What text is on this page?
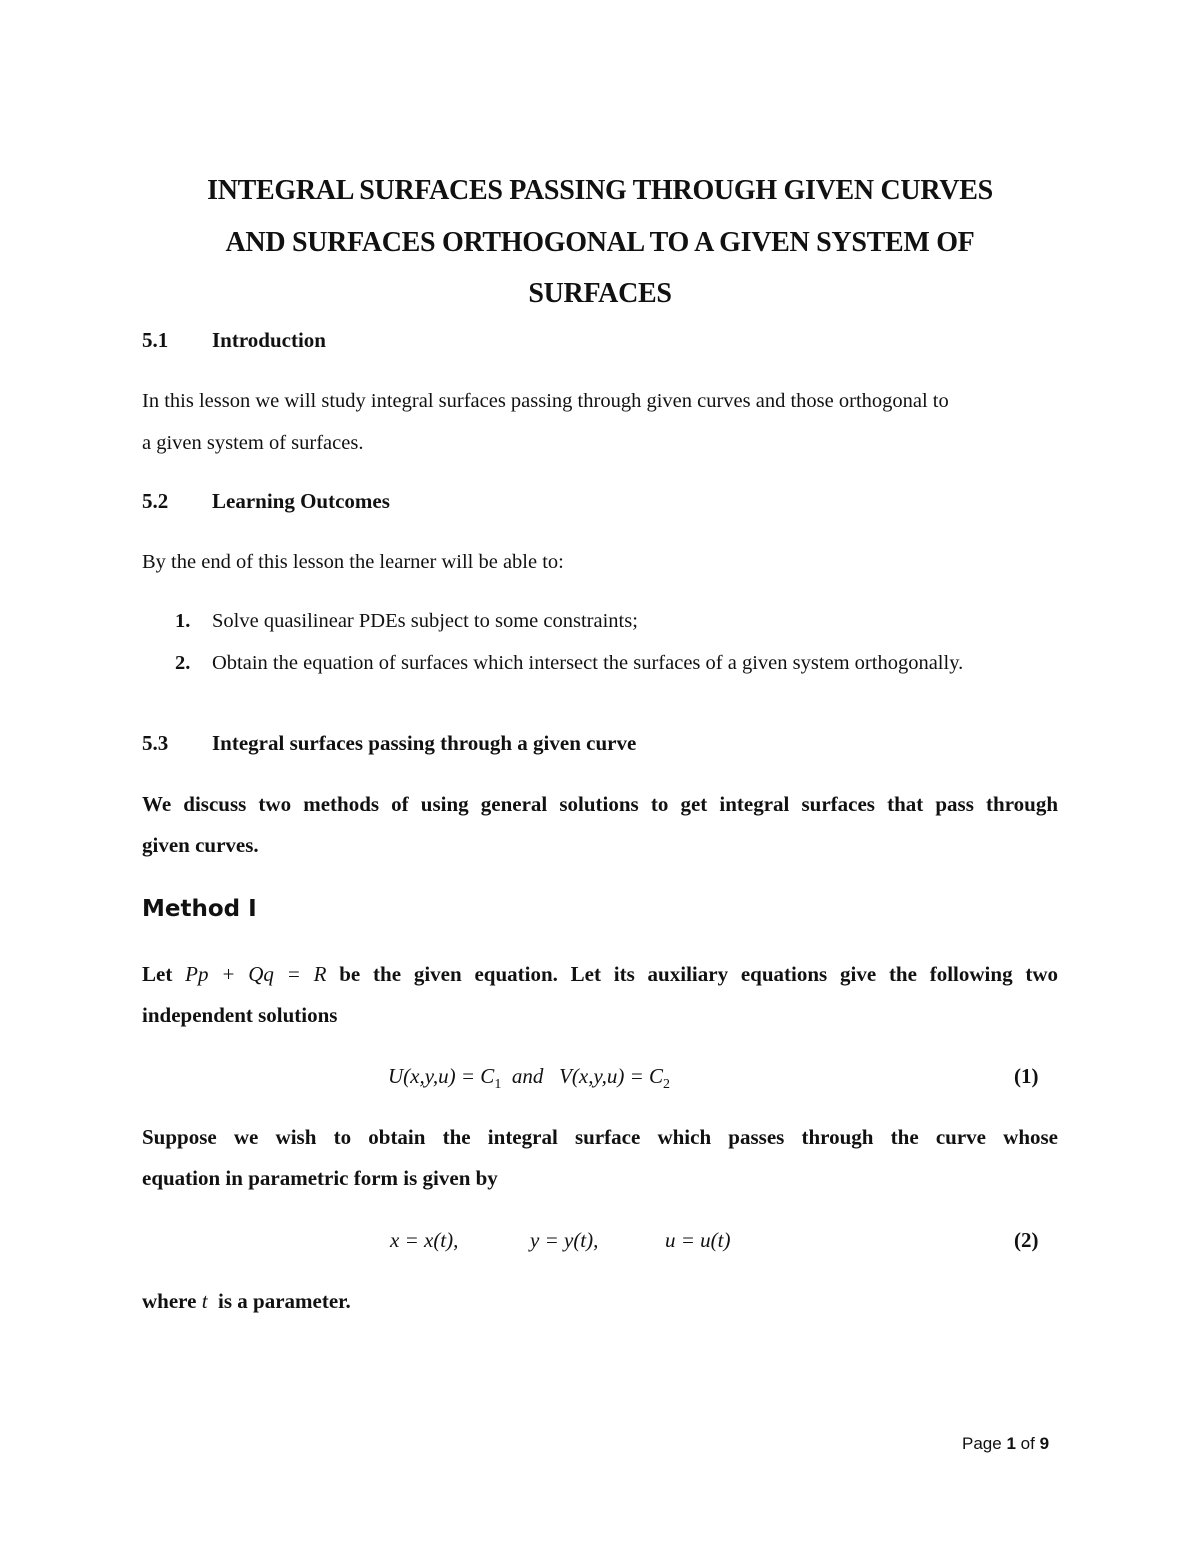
INTEGRAL SURFACES PASSING THROUGH GIVEN CURVES
AND SURFACES ORTHOGONAL TO A GIVEN SYSTEM OF
SURFACES
5.1 Introduction
In this lesson we will study integral surfaces passing through given curves and those orthogonal to
a given system of surfaces.
5.2 Learning Outcomes
By the end of this lesson the learner will be able to:
1. Solve quasilinear PDEs subject to some constraints;
2. Obtain the equation of surfaces which intersect the surfaces of a given system orthogonally.
5.3 Integral surfaces passing through a given curve
We discuss two methods of using general solutions to get integral surfaces that pass through
given curves.
Method I
Let Pp + Qq = R be the given equation. Let its auxiliary equations give the following two
independent solutions
$U(x,y,u) = C_1$ and $V(x,y,u) = C_2$	(1)
Suppose we wish to obtain the integral surface which passes through the curve whose
equation in parametric form is given by
x = x(t),	y = y(t),	u = u(t)	(2)
where t is a parameter.
Page 1 of 9
